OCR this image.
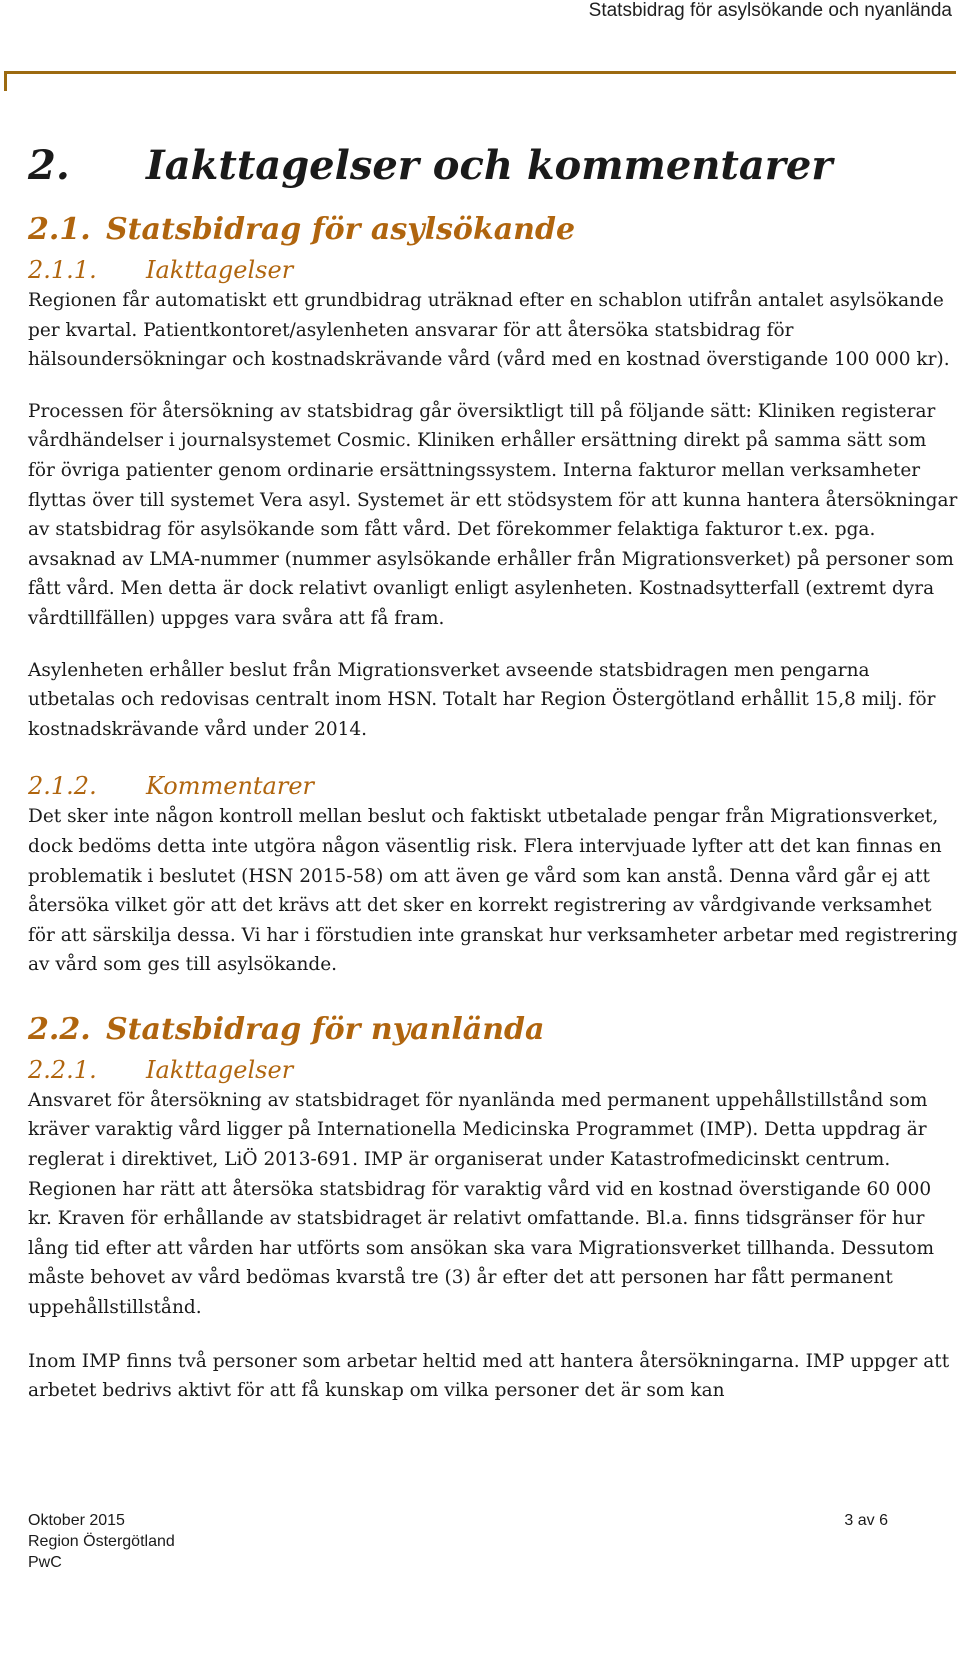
Statsbidrag för asylsökande och nyanlända
2. Iakttagelser och kommentarer
2.1. Statsbidrag för asylsökande
2.1.1. Iakttagelser

Regionen får automatiskt ett grundbidrag uträknad efter en schablon utifrån antalet asylsökande per kvartal. Patientkontoret/asylenheten ansvarar för att återsöka statsbidrag för hälsoundersökningar och kostnadskrävande vård (vård med en kostnad överstigande 100 000 kr).

Processen för återsökning av statsbidrag går översiktligt till på följande sätt: Kliniken registerar vårdhändelser i journalsystemet Cosmic. Kliniken erhåller ersättning direkt på samma sätt som för övriga patienter genom ordinarie ersättningssystem. Interna fakturor mellan verksamheter flyttas över till systemet Vera asyl. Systemet är ett stödsystem för att kunna hantera återsökningar av statsbidrag för asylsökande som fått vård. Det förekommer felaktiga fakturor t.ex. pga. avsaknad av LMA-nummer (nummer asylsökande erhåller från Migrationsverket) på personer som fått vård. Men detta är dock relativt ovanligt enligt asylenheten. Kostnadsytterfall (extremt dyra vårdtillfällen) uppges vara svåra att få fram.

Asylenheten erhåller beslut från Migrationsverket avseende statsbidragen men pengarna utbetalas och redovisas centralt inom HSN. Totalt har Region Östergötland erhållit 15,8 milj. för kostnadskrävande vård under 2014.

2.1.2. Kommentarer

Det sker inte någon kontroll mellan beslut och faktiskt utbetalade pengar från Migrationsverket, dock bedöms detta inte utgöra någon väsentlig risk. Flera intervjuade lyfter att det kan finnas en problematik i beslutet (HSN 2015-58) om att även ge vård som kan anstå. Denna vård går ej att återsöka vilket gör att det krävs att det sker en korrekt registrering av vårdgivande verksamhet för att särskilja dessa. Vi har i förstudien inte granskat hur verksamheter arbetar med registrering av vård som ges till asylsökande.

2.2. Statsbidrag för nyanlända
2.2.1. Iakttagelser

Ansvaret för återsökning av statsbidraget för nyanlända med permanent uppehållstillstånd som kräver varaktig vård ligger på Internationella Medicinska Programmet (IMP). Detta uppdrag är reglerat i direktivet, LiÖ 2013-691. IMP är organiserat under Katastrofmedicinskt centrum. Regionen har rätt att återsöka statsbidrag för varaktig vård vid en kostnad överstigande 60 000 kr. Kraven för erhållande av statsbidraget är relativt omfattande. Bl.a. finns tidsgränser för hur lång tid efter att vården har utförts som ansökan ska vara Migrationsverket tillhanda. Dessutom måste behovet av vård bedömas kvarstå tre (3) år efter det att personen har fått permanent uppehållstillstånd.

Inom IMP finns två personer som arbetar heltid med att hantera återsökningarna. IMP uppger att arbetet bedrivs aktivt för att få kunskap om vilka personer det är som kan

Oktober 2015
Region Östergötland
PwC
3 av 6
